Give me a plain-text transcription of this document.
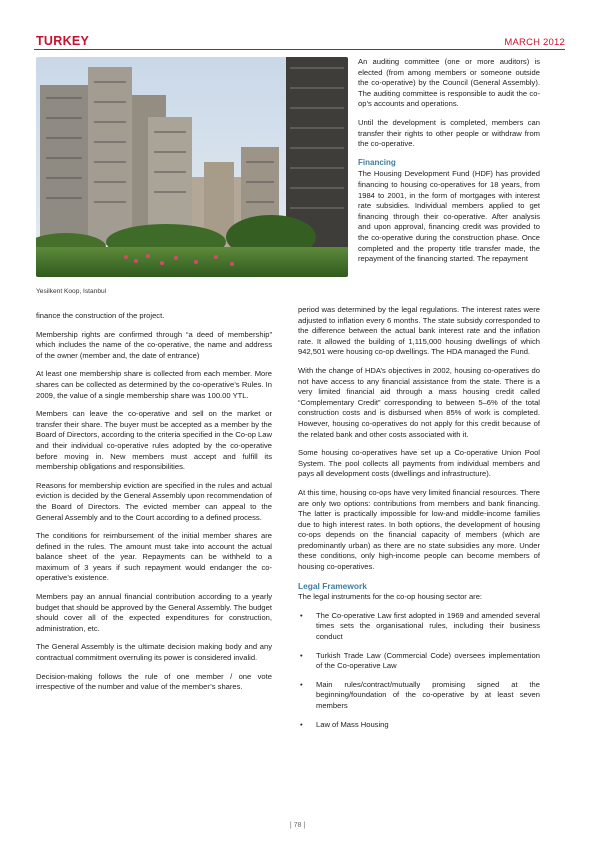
TURKEY	MARCH 2012
Yesilkent Koop, Istanbul

finance the construction of the project.

Membership rights are confirmed through “a deed of membership” which includes the name of the co-operative, the name and address of the owner (member and, the date of entrance)

At least one membership share is collected from each member. More shares can be collected as determined by the co-operative’s Rules. In 2009, the value of a single membership share was 100.00 YTL.

Members can leave the co-operative and sell on the market or transfer their share. The buyer must be accepted as a member by the Board of Directors, according to the criteria specified in the Co-op Law and their individual co-operative rules adopted by the co-operative before moving in. New members must accept and fulfill its membership obligations and responsibilities.

Reasons for membership eviction are specified in the rules and actual eviction is decided by the General Assembly upon recommendation of the Board of Directors. The evicted member can appeal to the General Assembly and to the Court according to a defined process.

The conditions for reimbursement of the initial member shares are defined in the rules. The amount must take into account the actual balance sheet of the year. Repayments can be withheld to a maximum of 3 years if such repayment would endanger the co-operative’s existence.

Members pay an annual financial contribution according to a yearly budget that should be approved by the General Assembly. The budget should cover all of the expected expenditures for construction, administration, etc.

The General Assembly is the ultimate decision making body and any contractual commitment overruling its power is considered invalid.

Decision-making follows the rule of one member / one vote irrespective of the number and value of the member’s shares.

An auditing committee (one or more auditors) is elected (from among members or someone outside the co-operative) by the Council (General Assembly). The auditing committee is responsible to audit the co-op’s accounts and operations.

Until the development is completed, members can transfer their rights to other people or withdraw from the co-operative.

Financing

The Housing Development Fund (HDF) has provided financing to housing co-operatives for 18 years, from 1984 to 2001, in the form of mortgages with interest rate subsidies. Individual members applied to get financing through their co-operative. After analysis and upon approval, financing credit was provided to the co-operative during the construction phase. Once completed and the property title transfer made, the repayment of the financing started. The repayment

period was determined by the legal regulations. The interest rates were adjusted to inflation every 6 months. The state subsidy corresponded to the difference between the actual bank interest rate and the inflation rate. It allowed the building of 1,115,000 housing dwellings of which 942,501 were housing co-op dwellings. The HDA managed the Fund.

With the change of HDA’s objectives in 2002, housing co-operatives do not have access to any financial assistance from the state. There is a very limited financial aid through a mass housing credit called “Complementary Credit” corresponding to between 5–6% of the total construction costs and is disbursed when 85% of work is completed. However, housing co-operatives do not apply for this credit because of the related bank and other costs associated with it.

Some housing co-operatives have set up a Co-operative Union Pool System. The pool collects all payments from individual members and pays all development costs (dwellings and infrastructure).

At this time, housing co-ops have very limited financial resources. There are only two options: contributions from members and bank financing. The latter is practically impossible for low-and middle-income families due to high interest rates. In both options, the development of housing co-ops depends on the financial capacity of members (which are predominantly urban) as there are no state subsidies any more. Under these conditions, only high-income people can become members of housing co-operatives.

Legal Framework

The legal instruments for the co-op housing sector are:

• The Co-operative Law first adopted in 1969 and amended several times sets the organisational rules, including their business conduct
• Turkish Trade Law (Commercial Code) oversees implementation of the Co-operative Law
• Main rules/contract/mutually promising signed at the beginning/foundation of the co-operative by at least seven members
• Law of Mass Housing
| 78 |
